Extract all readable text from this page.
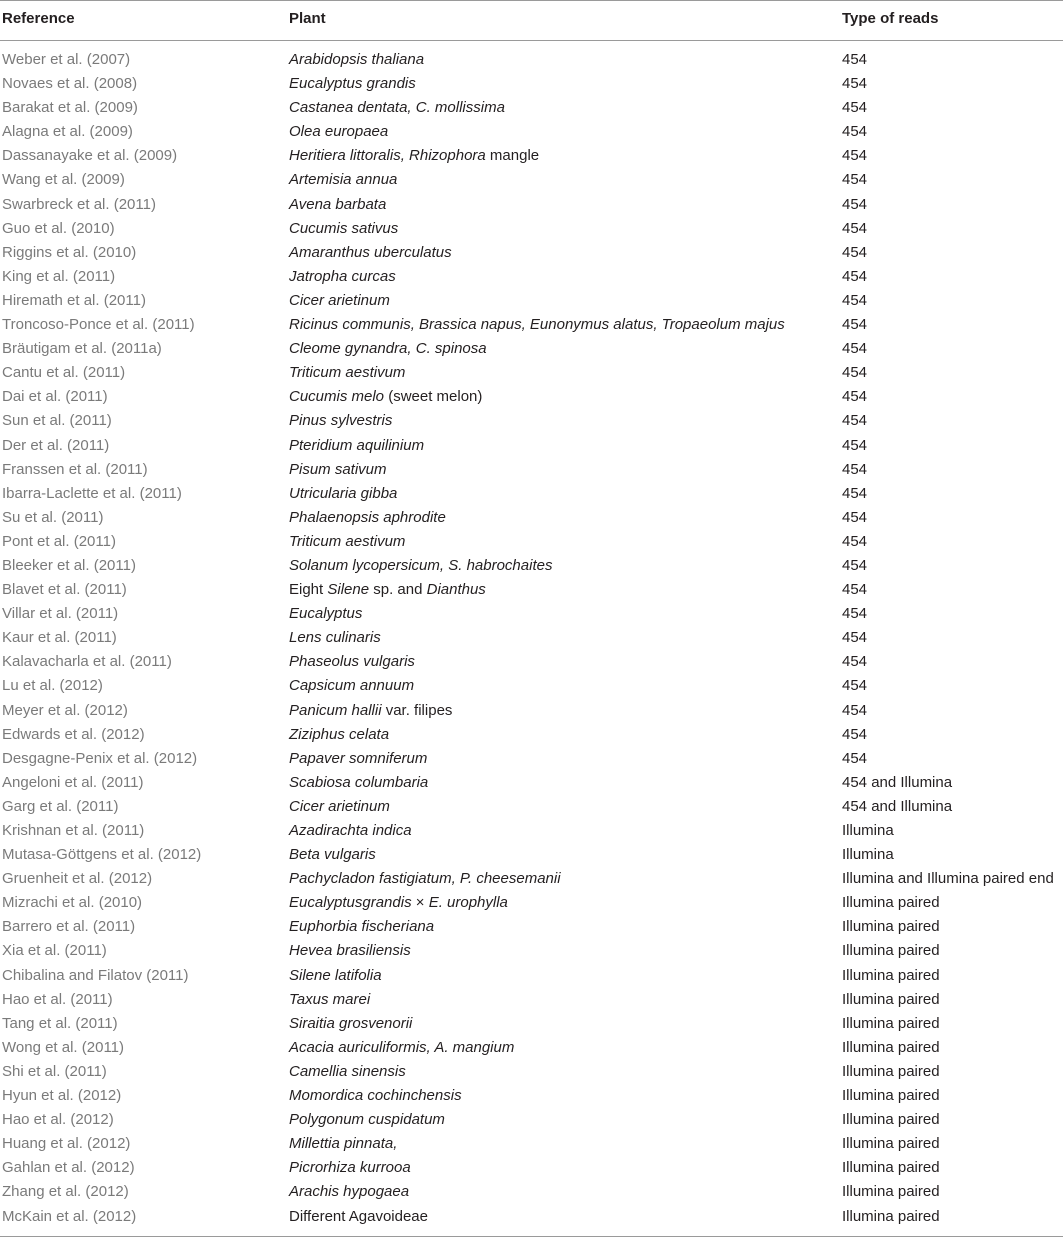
Reference	Plant	Type of reads
Weber et al. (2007)	Arabidopsis thaliana	454
Novaes et al. (2008)	Eucalyptus grandis	454
Barakat et al. (2009)	Castanea dentata, C. mollissima	454
Alagna et al. (2009)	Olea europaea	454
Dassanayake et al. (2009)	Heritiera littoralis, Rhizophora mangle	454
Wang et al. (2009)	Artemisia annua	454
Swarbreck et al. (2011)	Avena barbata	454
Guo et al. (2010)	Cucumis sativus	454
Riggins et al. (2010)	Amaranthus uberculatus	454
King et al. (2011)	Jatropha curcas	454
Hiremath et al. (2011)	Cicer arietinum	454
Troncoso-Ponce et al. (2011)	Ricinus communis, Brassica napus, Eunonymus alatus, Tropaeolum majus	454
Bräutigam et al. (2011a)	Cleome gynandra, C. spinosa	454
Cantu et al. (2011)	Triticum aestivum	454
Dai et al. (2011)	Cucumis melo (sweet melon)	454
Sun et al. (2011)	Pinus sylvestris	454
Der et al. (2011)	Pteridium aquilinium	454
Franssen et al. (2011)	Pisum sativum	454
Ibarra-Laclette et al. (2011)	Utricularia gibba	454
Su et al. (2011)	Phalaenopsis aphrodite	454
Pont et al. (2011)	Triticum aestivum	454
Bleeker et al. (2011)	Solanum lycopersicum, S. habrochaites	454
Blavet et al. (2011)	Eight Silene sp. and Dianthus	454
Villar et al. (2011)	Eucalyptus	454
Kaur et al. (2011)	Lens culinaris	454
Kalavacharla et al. (2011)	Phaseolus vulgaris	454
Lu et al. (2012)	Capsicum annuum	454
Meyer et al. (2012)	Panicum hallii var. filipes	454
Edwards et al. (2012)	Ziziphus celata	454
Desgagne-Penix et al. (2012)	Papaver somniferum	454
Angeloni et al. (2011)	Scabiosa columbaria	454 and Illumina
Garg et al. (2011)	Cicer arietinum	454 and Illumina
Krishnan et al. (2011)	Azadirachta indica	Illumina
Mutasa-Göttgens et al. (2012)	Beta vulgaris	Illumina
Gruenheit et al. (2012)	Pachycladon fastigiatum, P. cheesemanii	Illumina and Illumina paired end
Mizrachi et al. (2010)	Eucalyptusgrandis × E. urophylla	Illumina paired
Barrero et al. (2011)	Euphorbia fischeriana	Illumina paired
Xia et al. (2011)	Hevea brasiliensis	Illumina paired
Chibalina and Filatov (2011)	Silene latifolia	Illumina paired
Hao et al. (2011)	Taxus marei	Illumina paired
Tang et al. (2011)	Siraitia grosvenorii	Illumina paired
Wong et al. (2011)	Acacia auriculiformis, A. mangium	Illumina paired
Shi et al. (2011)	Camellia sinensis	Illumina paired
Hyun et al. (2012)	Momordica cochinchensis	Illumina paired
Hao et al. (2012)	Polygonum cuspidatum	Illumina paired
Huang et al. (2012)	Millettia pinnata,	Illumina paired
Gahlan et al. (2012)	Picrorhiza kurrooa	Illumina paired
Zhang et al. (2012)	Arachis hypogaea	Illumina paired
McKain et al. (2012)	Different Agavoideae	Illumina paired
